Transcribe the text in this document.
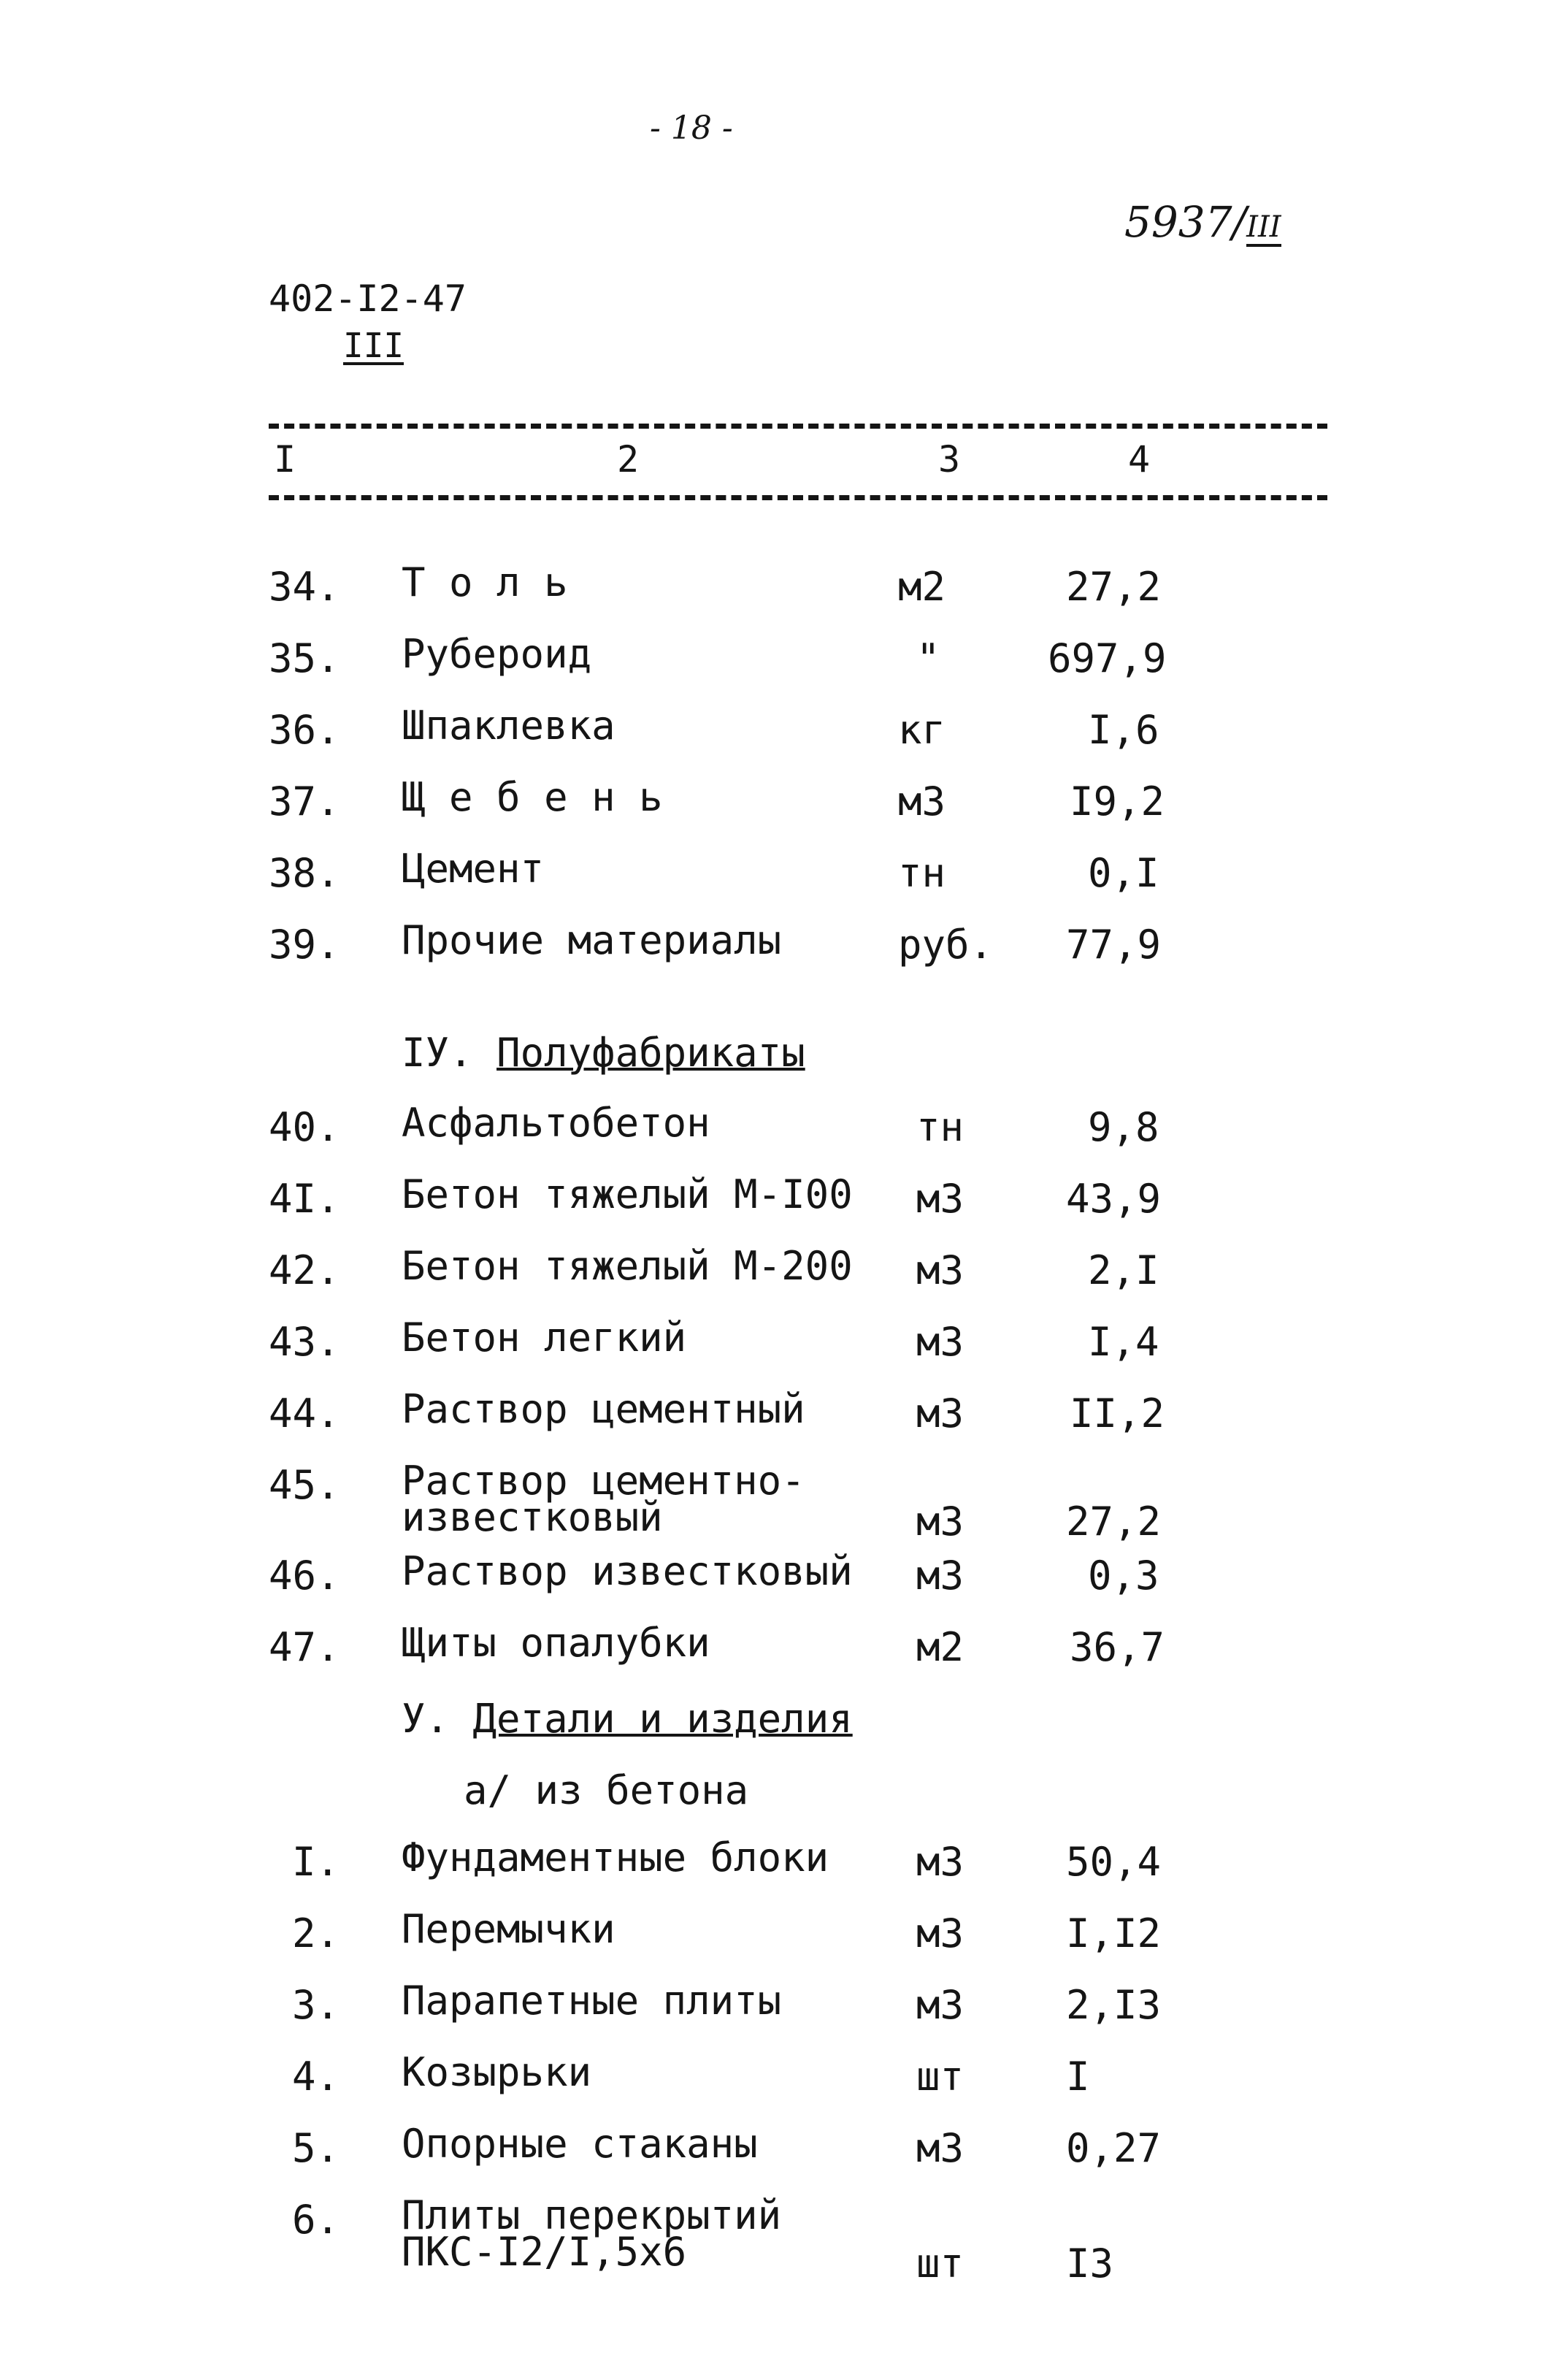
- 18 -
5937/III
402-I2-47
III
I	2	3	4
34. Т о л ь	м2	27,2
35. Рубероид	"	697,9
36. Шпаклевка	кг	I,6
37. Щ е б е н ь	м3	I9,2
38. Цемент	тн	0,I
39. Прочие материалы	руб. 77,9
IУ. Полуфабрикаты
40. Асфальтобетон	тн	9,8
4I. Бетон тяжелый М-I00 м3	43,9
42. Бетон тяжелый М-200 м3	2,I
43. Бетон легкий	м3	I,4
44. Раствор цементный	м3	II,2
45. Раствор цементно-
известковый	м3	27,2
46. Раствор известковый м3	0,3
47. Щиты опалубки	м2	36,7
У. Детали и изделия
а/ из бетона
I. Фундаментные блоки м3	50,4
2. Перемычки	м3	I,I2
3. Парапетные плиты	м3	2,I3
4. Козырьки	шт	I
5. Опорные стаканы	м3	0,27
6. Плиты перекрытий
ПКС-I2/I,5x6	шт	I3
